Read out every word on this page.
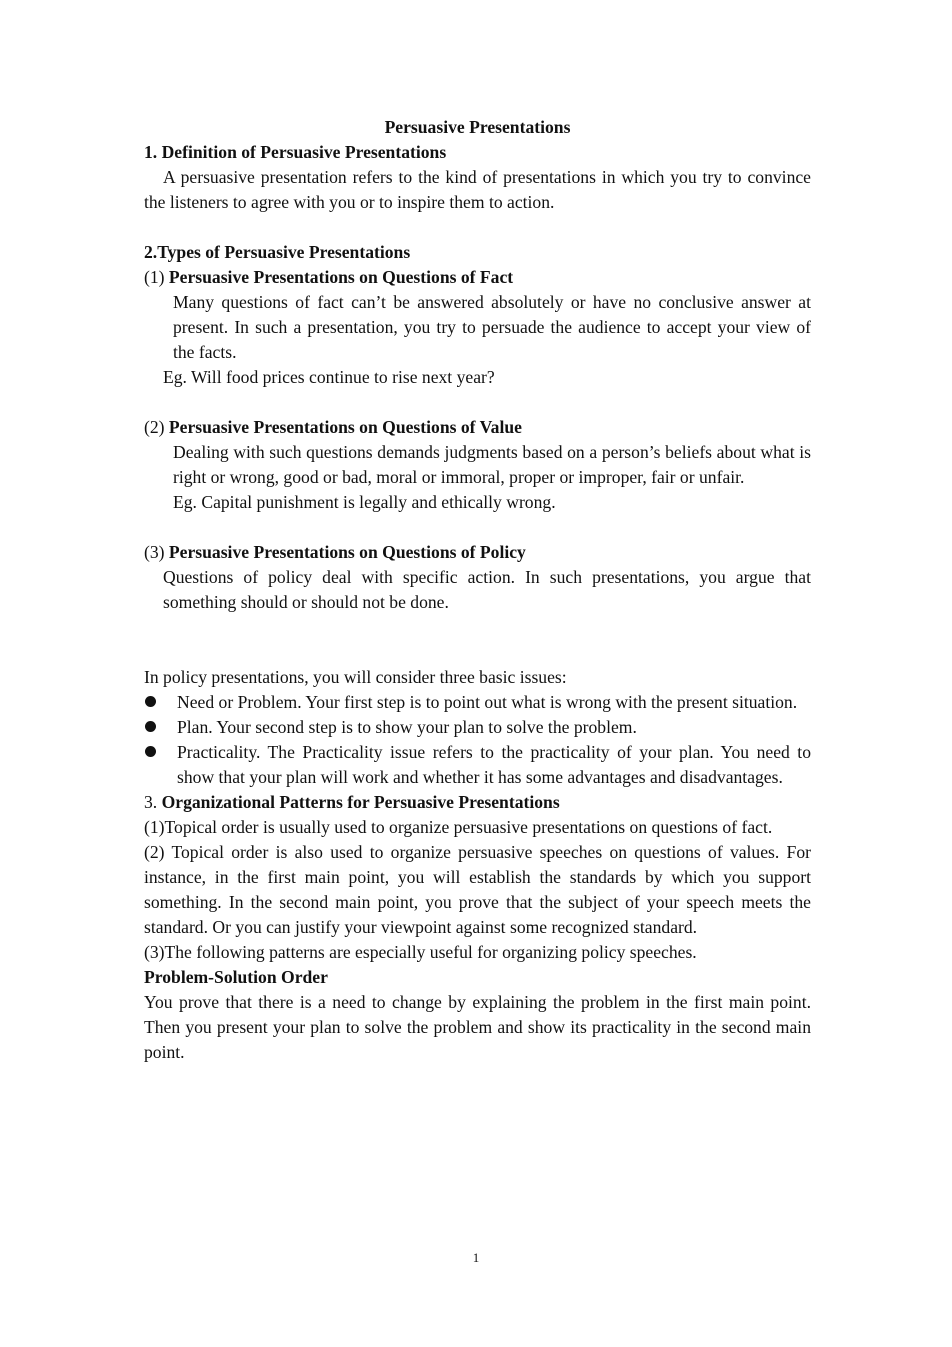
Persuasive Presentations

1. Definition of Persuasive Presentations

A persuasive presentation refers to the kind of presentations in which you try to convince the listeners to agree with you or to inspire them to action.

2.Types of Persuasive Presentations

(1) Persuasive Presentations on Questions of Fact

Many questions of fact can’t be answered absolutely or have no conclusive answer at present. In such a presentation, you try to persuade the audience to accept your view of the facts.

Eg. Will food prices continue to rise next year?

(2) Persuasive Presentations on Questions of Value

Dealing with such questions demands judgments based on a person’s beliefs about what is right or wrong, good or bad, moral or immoral, proper or improper, fair or unfair.

Eg. Capital punishment is legally and ethically wrong.

(3) Persuasive Presentations on Questions of Policy

Questions of policy deal with specific action. In such presentations, you argue that something should or should not be done.

In policy presentations, you will consider three basic issues:

Need or Problem. Your first step is to point out what is wrong with the present situation.
Plan. Your second step is to show your plan to solve the problem.
Practicality. The Practicality issue refers to the practicality of your plan. You need to show that your plan will work and whether it has some advantages and disadvantages.

3. Organizational Patterns for Persuasive Presentations

(1)Topical order is usually used to organize persuasive presentations on questions of fact.

(2) Topical order is also used to organize persuasive speeches on questions of values. For instance, in the first main point, you will establish the standards by which you support something. In the second main point, you prove that the subject of your speech meets the standard. Or you can justify your viewpoint against some recognized standard.

(3)The following patterns are especially useful for organizing policy speeches.

Problem-Solution Order

You prove that there is a need to change by explaining the problem in the first main point. Then you present your plan to solve the problem and show its practicality in the second main point.

1
